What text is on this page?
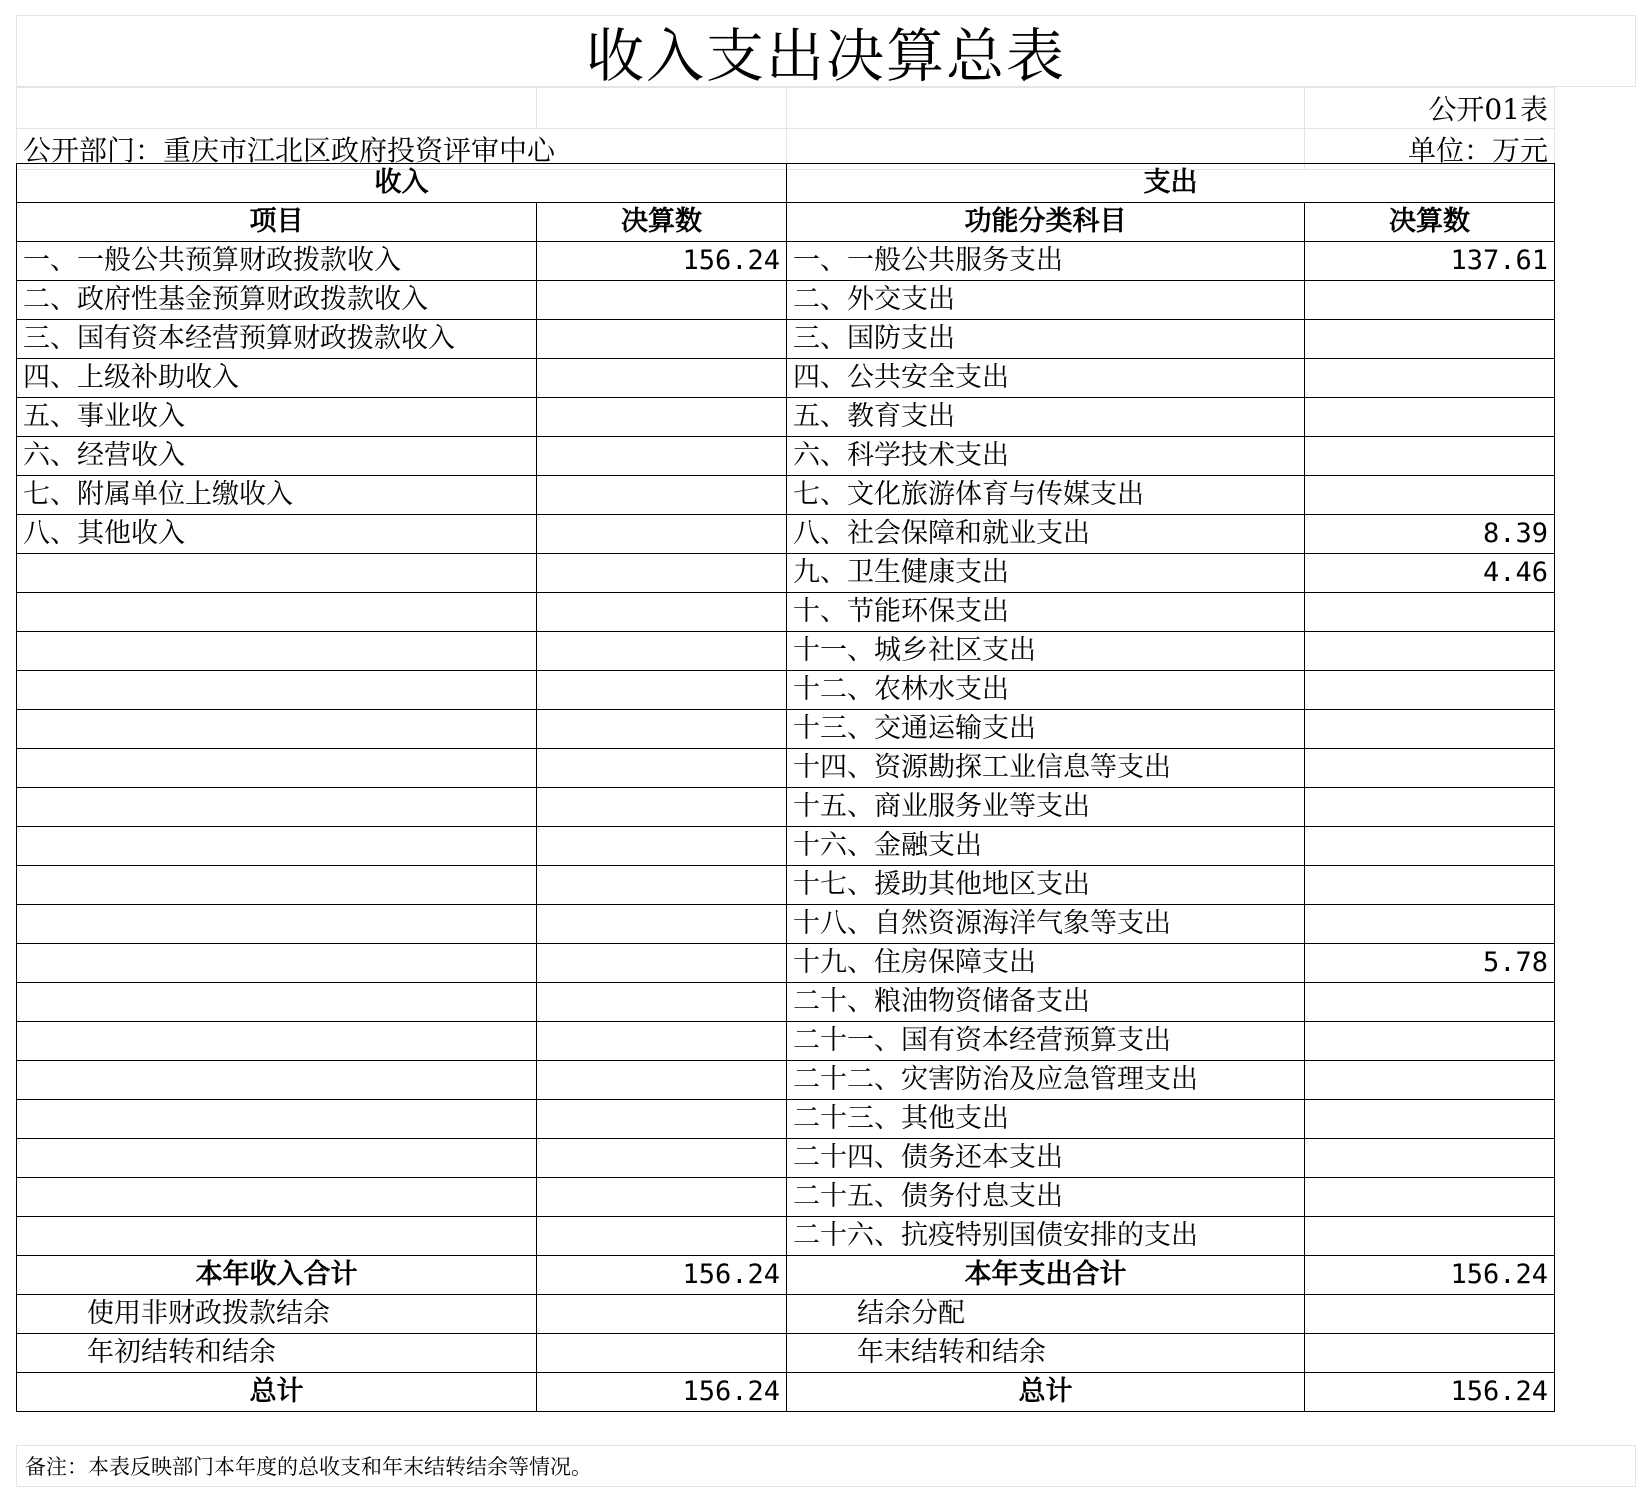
收入支出决算总表
			公开01表
公开部门：重庆市江北区政府投资评审中心			单位：万元
收入		支出	
项目	决算数	功能分类科目	决算数
一、一般公共预算财政拨款收入	156.24	一、一般公共服务支出	137.61
二、政府性基金预算财政拨款收入		二、外交支出	
三、国有资本经营预算财政拨款收入		三、国防支出	
四、上级补助收入		四、公共安全支出	
五、事业收入		五、教育支出	
六、经营收入		六、科学技术支出	
七、附属单位上缴收入		七、文化旅游体育与传媒支出	
八、其他收入		八、社会保障和就业支出	8.39
		九、卫生健康支出	4.46
		十、节能环保支出	
		十一、城乡社区支出	
		十二、农林水支出	
		十三、交通运输支出	
		十四、资源勘探工业信息等支出	
		十五、商业服务业等支出	
		十六、金融支出	
		十七、援助其他地区支出	
		十八、自然资源海洋气象等支出	
		十九、住房保障支出	5.78
		二十、粮油物资储备支出	
		二十一、国有资本经营预算支出	
		二十二、灾害防治及应急管理支出	
		二十三、其他支出	
		二十四、债务还本支出	
		二十五、债务付息支出	
		二十六、抗疫特别国债安排的支出	
本年收入合计	156.24	本年支出合计	156.24
使用非财政拨款结余		结余分配	
年初结转和结余		年末结转和结余	
总计	156.24	总计	156.24
备注：本表反映部门本年度的总收支和年末结转结余等情况。
